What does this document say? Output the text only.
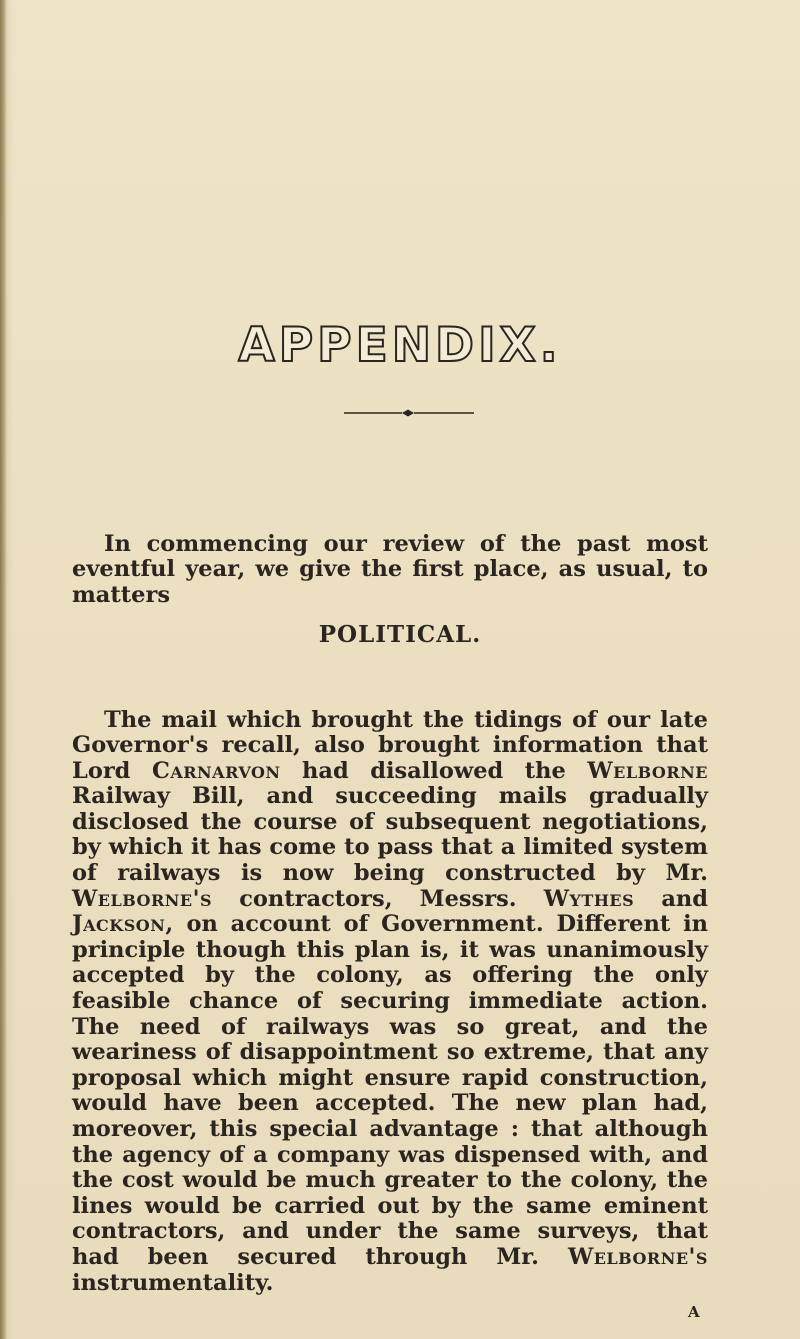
APPENDIX.

In commencing our review of the past most eventful year, we give the first place, as usual, to matters

POLITICAL.

The mail which brought the tidings of our late Governor's recall, also brought information that Lord Carnarvon had disallowed the Welborne Railway Bill, and succeeding mails gradually disclosed the course of subsequent negotiations, by which it has come to pass that a limited system of railways is now being constructed by Mr. Welborne's contractors, Messrs. Wythes and Jackson, on account of Government. Different in principle though this plan is, it was unanimously accepted by the colony, as offering the only feasible chance of securing immediate action. The need of railways was so great, and the weariness of disappointment so extreme, that any proposal which might ensure rapid construction, would have been accepted. The new plan had, moreover, this special advantage : that although the agency of a company was dispensed with, and the cost would be much greater to the colony, the lines would be carried out by the same eminent contractors, and under the same surveys, that had been secured through Mr. Welborne's instrumentality.

A
